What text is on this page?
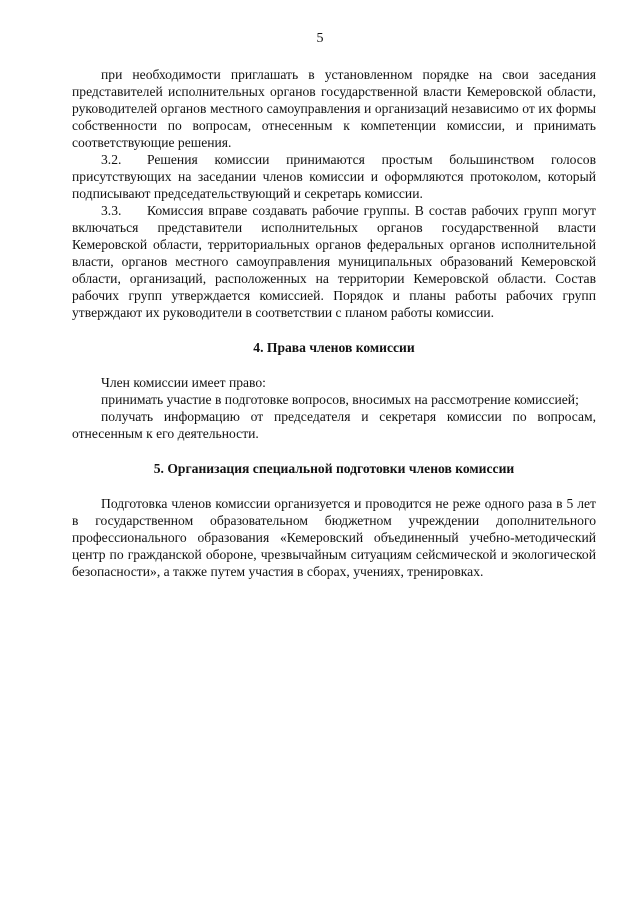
5

при необходимости приглашать в установленном порядке на свои заседания представителей исполнительных органов государственной власти Кемеровской области, руководителей органов местного самоуправления и организаций независимо от их формы собственности по вопросам, отнесенным к компетенции комиссии, и принимать соответствующие решения.

3.2. Решения комиссии принимаются простым большинством голосов присутствующих на заседании членов комиссии и оформляются протоколом, который подписывают председательствующий и секретарь комиссии.

3.3. Комиссия вправе создавать рабочие группы. В состав рабочих групп могут включаться представители исполнительных органов государственной власти Кемеровской области, территориальных органов федеральных органов исполнительной власти, органов местного самоуправления муниципальных образований Кемеровской области, организаций, расположенных на территории Кемеровской области. Состав рабочих групп утверждается комиссией. Порядок и планы работы рабочих групп утверждают их руководители в соответствии с планом работы комиссии.

4. Права членов комиссии

Член комиссии имеет право:

принимать участие в подготовке вопросов, вносимых на рассмотрение комиссией;

получать информацию от председателя и секретаря комиссии по вопросам, отнесенным к его деятельности.

5. Организация специальной подготовки членов комиссии

Подготовка членов комиссии организуется и проводится не реже одного раза в 5 лет в государственном образовательном бюджетном учреждении дополнительного профессионального образования «Кемеровский объединенный учебно-методический центр по гражданской обороне, чрезвычайным ситуациям сейсмической и экологической безопасности», а также путем участия в сборах, учениях, тренировках.
